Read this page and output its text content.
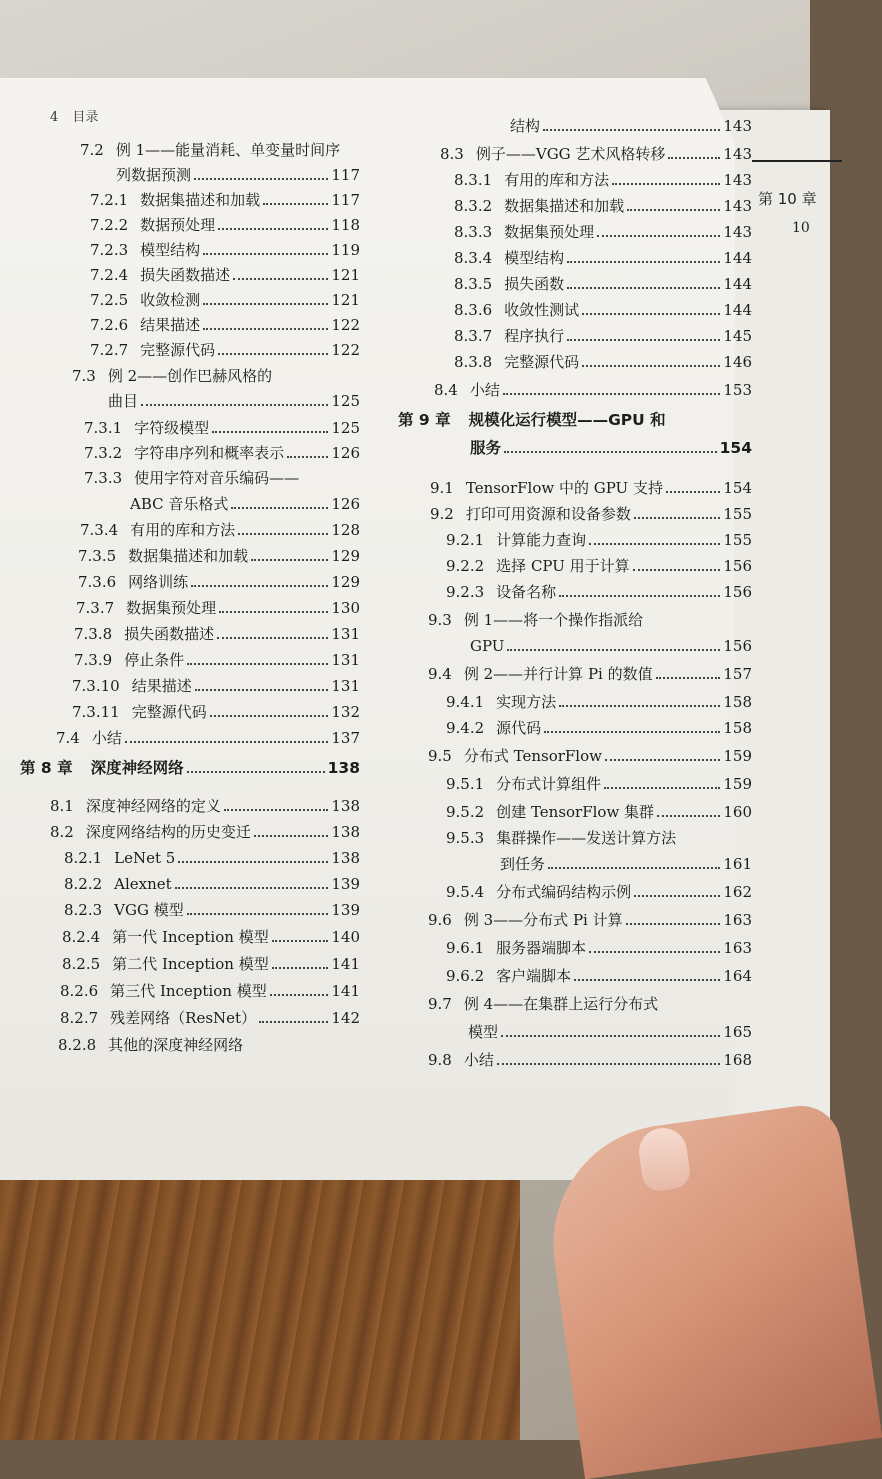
第 10 章
10
4 目录
7.2 例 1——能量消耗、单变量时间序
列数据预测	117
7.2.1 数据集描述和加载	117
7.2.2 数据预处理	118
7.2.3 模型结构	119
7.2.4 损失函数描述	121
7.2.5 收敛检测	121
7.2.6 结果描述	122
7.2.7 完整源代码	122
7.3 例 2——创作巴赫风格的
曲目	125
7.3.1 字符级模型	125
7.3.2 字符串序列和概率表示	126
7.3.3 使用字符对音乐编码——
ABC 音乐格式	126
7.3.4 有用的库和方法	128
7.3.5 数据集描述和加载	129
7.3.6 网络训练	129
7.3.7 数据集预处理	130
7.3.8 损失函数描述	131
7.3.9 停止条件	131
7.3.10 结果描述	131
7.3.11 完整源代码	132
7.4 小结	137
第 8 章 深度神经网络	138
8.1 深度神经网络的定义	138
8.2 深度网络结构的历史变迁	138
8.2.1 LeNet 5	138
8.2.2 Alexnet	139
8.2.3 VGG 模型	139
8.2.4 第一代 Inception 模型	140
8.2.5 第二代 Inception 模型	141
8.2.6 第三代 Inception 模型	141
8.2.7 残差网络（ResNet）	142
8.2.8 其他的深度神经网络
结构	143
8.3 例子——VGG 艺术风格转移	143
8.3.1 有用的库和方法	143
8.3.2 数据集描述和加载	143
8.3.3 数据集预处理	143
8.3.4 模型结构	144
8.3.5 损失函数	144
8.3.6 收敛性测试	144
8.3.7 程序执行	145
8.3.8 完整源代码	146
8.4 小结	153
第 9 章 规模化运行模型——GPU 和
服务	154
9.1 TensorFlow 中的 GPU 支持	154
9.2 打印可用资源和设备参数	155
9.2.1 计算能力查询	155
9.2.2 选择 CPU 用于计算	156
9.2.3 设备名称	156
9.3 例 1——将一个操作指派给
GPU	156
9.4 例 2——并行计算 Pi 的数值	157
9.4.1 实现方法	158
9.4.2 源代码	158
9.5 分布式 TensorFlow	159
9.5.1 分布式计算组件	159
9.5.2 创建 TensorFlow 集群	160
9.5.3 集群操作——发送计算方法
到任务	161
9.5.4 分布式编码结构示例	162
9.6 例 3——分布式 Pi 计算	163
9.6.1 服务器端脚本	163
9.6.2 客户端脚本	164
9.7 例 4——在集群上运行分布式
模型	165
9.8 小结	168
